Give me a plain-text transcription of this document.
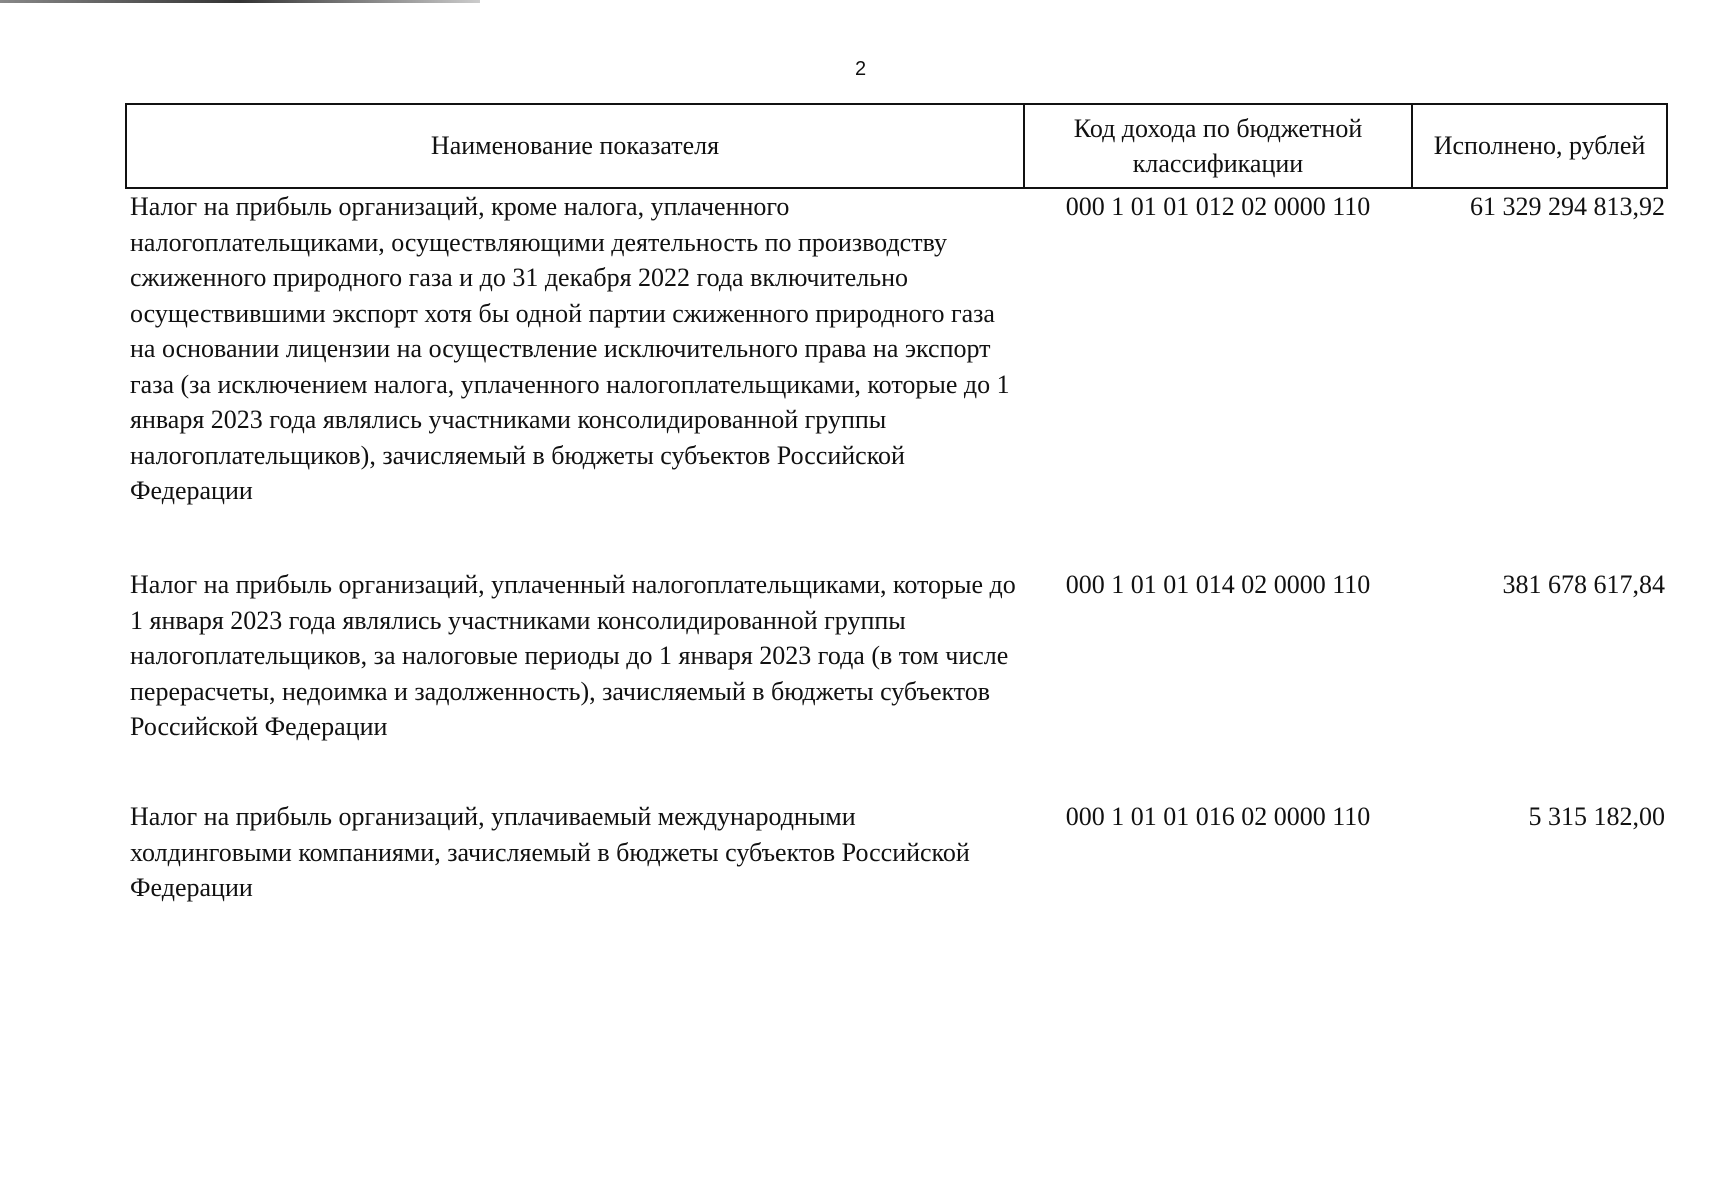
2
Наименование показателя	Код дохода по бюджетной классификации	Исполнено, рублей
Налог на прибыль организаций, кроме налога, уплаченного налогоплательщиками, осуществляющими деятельность по производству сжиженного природного газа и до 31 декабря 2022 года включительно осуществившими экспорт хотя бы одной партии сжиженного природного газа на основании лицензии на осуществление исключительного права на экспорт газа (за исключением налога, уплаченного налогоплательщиками, которые до 1 января 2023 года являлись участниками консолидированной группы налогоплательщиков), зачисляемый в бюджеты субъектов Российской Федерации	000 1 01 01 012 02 0000 110	61 329 294 813,92
Налог на прибыль организаций, уплаченный налогоплательщиками, которые до 1 января 2023 года являлись участниками консолидированной группы налогоплательщиков, за налоговые периоды до 1 января 2023 года (в том числе перерасчеты, недоимка и задолженность), зачисляемый в бюджеты субъектов Российской Федерации	000 1 01 01 014 02 0000 110	381 678 617,84
Налог на прибыль организаций, уплачиваемый международными холдинговыми компаниями, зачисляемый в бюджеты субъектов Российской Федерации	000 1 01 01 016 02 0000 110	5 315 182,00
